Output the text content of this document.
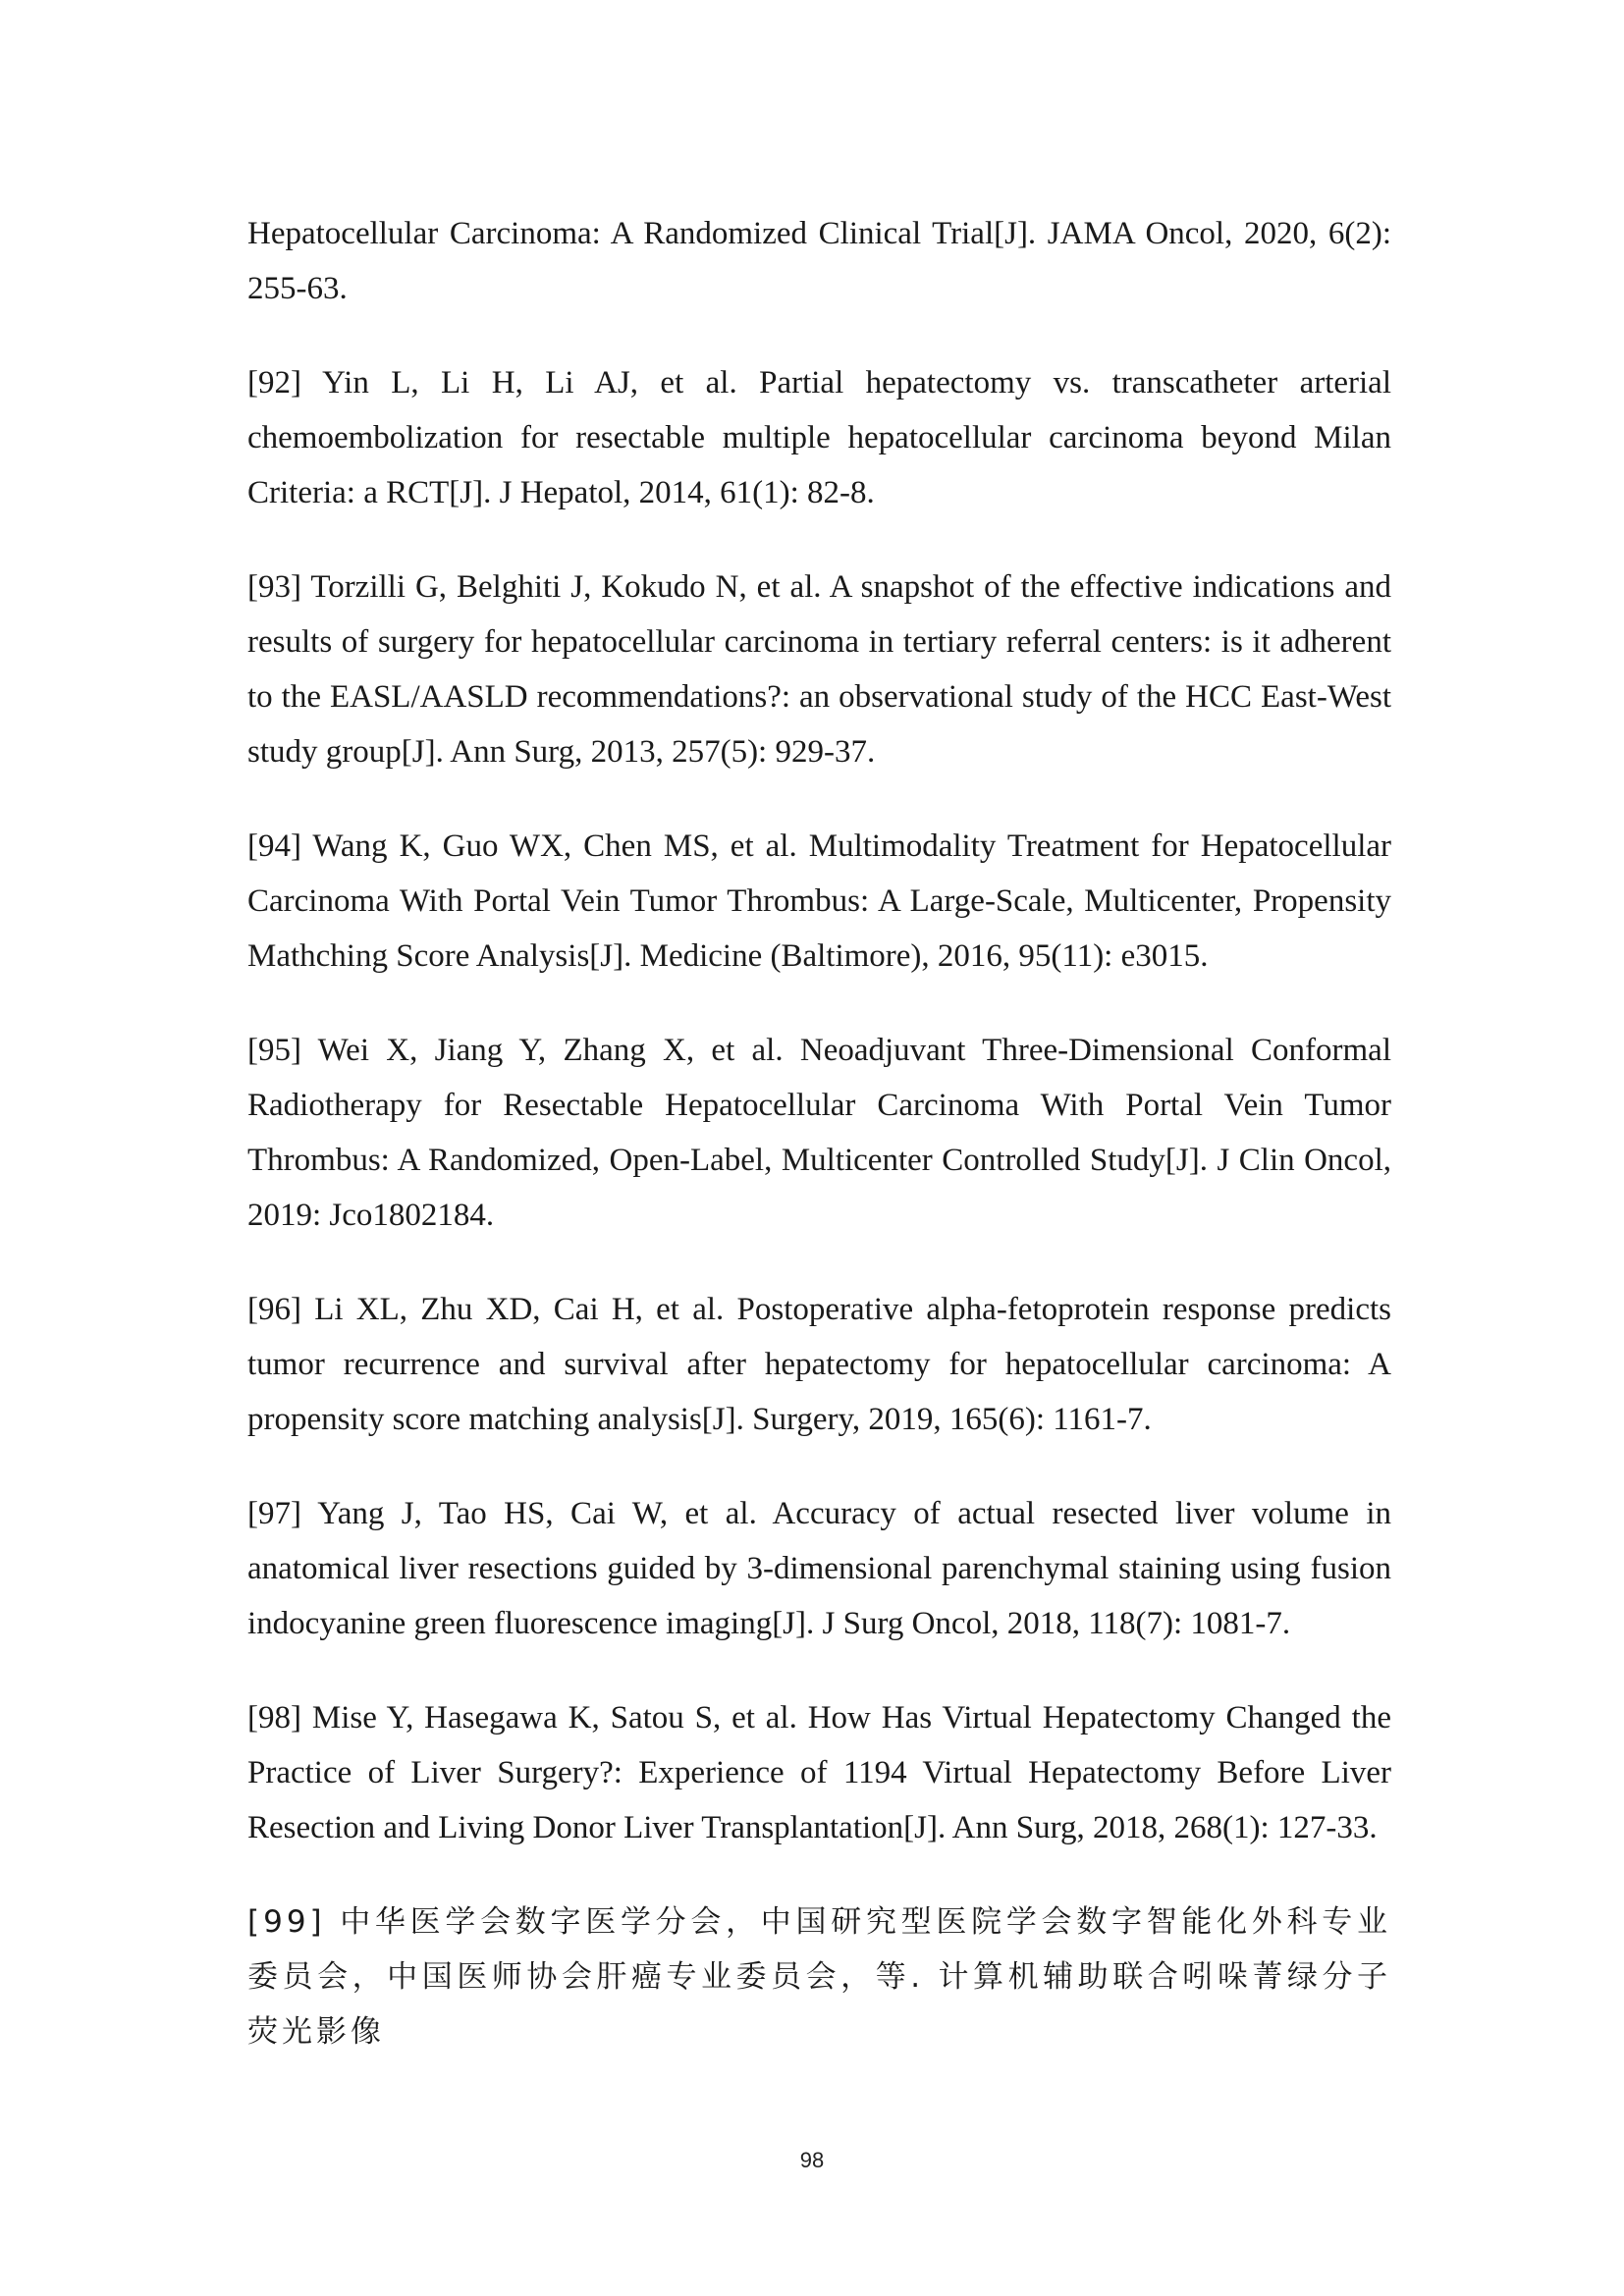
Hepatocellular Carcinoma: A Randomized Clinical Trial[J]. JAMA Oncol, 2020, 6(2): 255-63.

[92] Yin L, Li H, Li AJ, et al. Partial hepatectomy vs. transcatheter arterial chemoembolization for resectable multiple hepatocellular carcinoma beyond Milan Criteria: a RCT[J]. J Hepatol, 2014, 61(1): 82-8.

[93] Torzilli G, Belghiti J, Kokudo N, et al. A snapshot of the effective indications and results of surgery for hepatocellular carcinoma in tertiary referral centers: is it adherent to the EASL/AASLD recommendations?: an observational study of the HCC East-West study group[J]. Ann Surg, 2013, 257(5): 929-37.

[94] Wang K, Guo WX, Chen MS, et al. Multimodality Treatment for Hepatocellular Carcinoma With Portal Vein Tumor Thrombus: A Large-Scale, Multicenter, Propensity Mathching Score Analysis[J]. Medicine (Baltimore), 2016, 95(11): e3015.

[95] Wei X, Jiang Y, Zhang X, et al. Neoadjuvant Three-Dimensional Conformal Radiotherapy for Resectable Hepatocellular Carcinoma With Portal Vein Tumor Thrombus: A Randomized, Open-Label, Multicenter Controlled Study[J]. J Clin Oncol, 2019: Jco1802184.

[96] Li XL, Zhu XD, Cai H, et al. Postoperative alpha-fetoprotein response predicts tumor recurrence and survival after hepatectomy for hepatocellular carcinoma: A propensity score matching analysis[J]. Surgery, 2019, 165(6): 1161-7.

[97] Yang J, Tao HS, Cai W, et al. Accuracy of actual resected liver volume in anatomical liver resections guided by 3-dimensional parenchymal staining using fusion indocyanine green fluorescence imaging[J]. J Surg Oncol, 2018, 118(7): 1081-7.

[98] Mise Y, Hasegawa K, Satou S, et al. How Has Virtual Hepatectomy Changed the Practice of Liver Surgery?: Experience of 1194 Virtual Hepatectomy Before Liver Resection and Living Donor Liver Transplantation[J]. Ann Surg, 2018, 268(1): 127-33.

[99] 中华医学会数字医学分会，中国研究型医院学会数字智能化外科专业委员会，中国医师协会肝癌专业委员会，等. 计算机辅助联合吲哚菁绿分子荧光影像

98
